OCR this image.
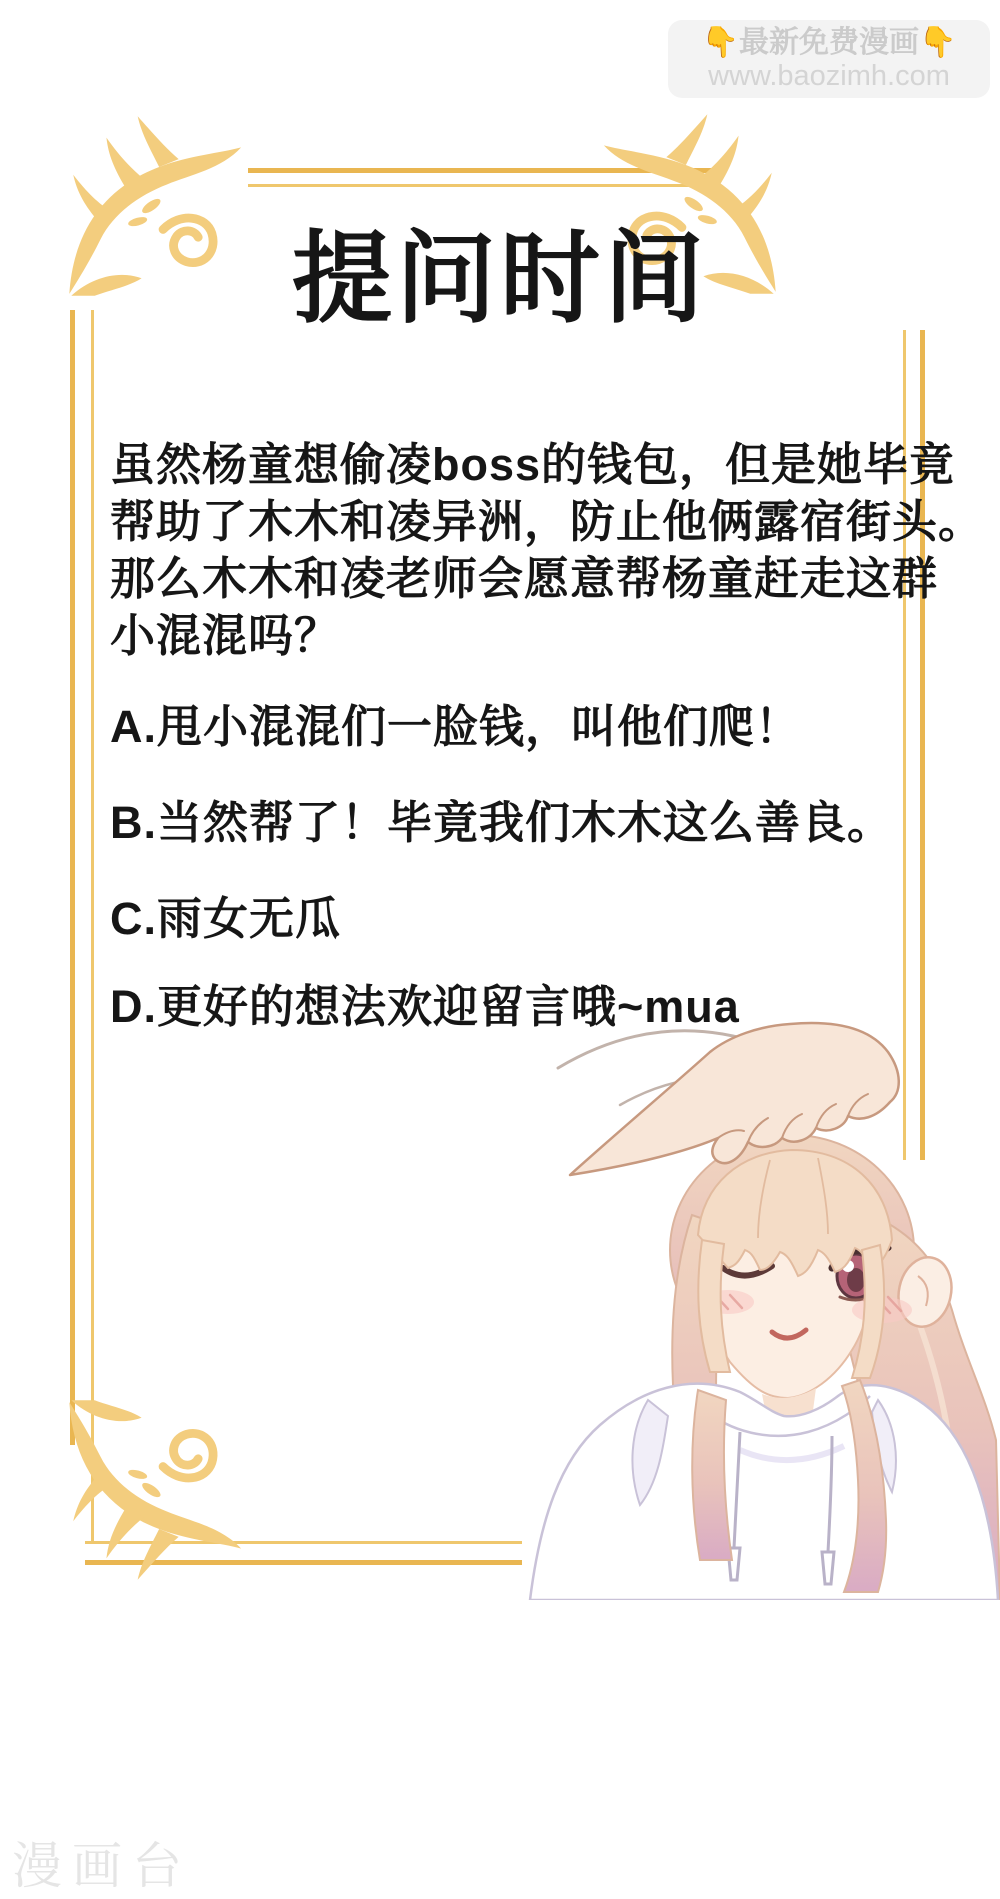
👇最新免费漫画👇
www.baozimh.com
提问时间
虽然杨童想偷凌boss的钱包，但是她毕竟
帮助了木木和凌异洲，防止他俩露宿街头。
那么木木和凌老师会愿意帮杨童赶走这群
小混混吗？
A.甩小混混们一脸钱，叫他们爬！
B.当然帮了！毕竟我们木木这么善良。
C.雨女无瓜
D.更好的想法欢迎留言哦~mua
漫画台
